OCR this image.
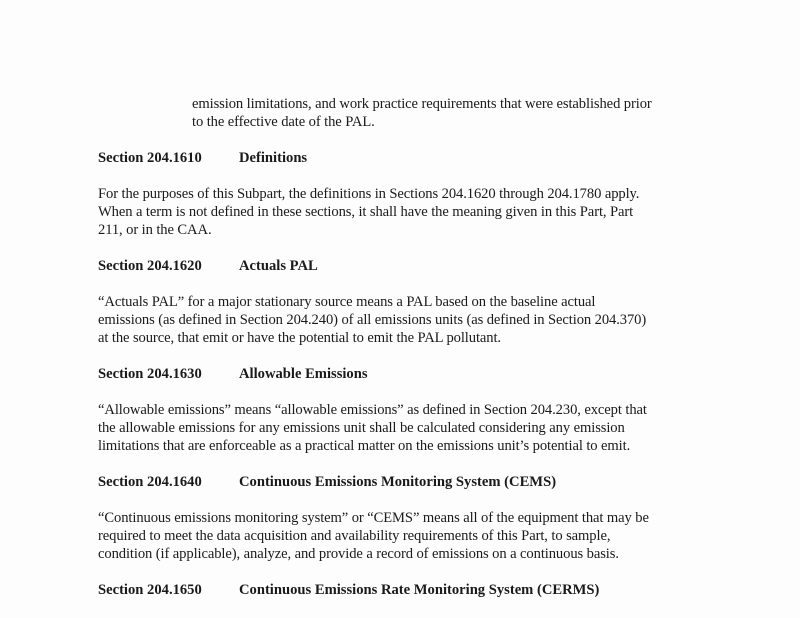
emission limitations, and work practice requirements that were established prior
to the effective date of the PAL.
Section 204.1610	Definitions
For the purposes of this Subpart, the definitions in Sections 204.1620 through 204.1780 apply.
When a term is not defined in these sections, it shall have the meaning given in this Part, Part
211, or in the CAA.
Section 204.1620	Actuals PAL
“Actuals PAL” for a major stationary source means a PAL based on the baseline actual
emissions (as defined in Section 204.240) of all emissions units (as defined in Section 204.370)
at the source, that emit or have the potential to emit the PAL pollutant.
Section 204.1630	Allowable Emissions
“Allowable emissions” means “allowable emissions” as defined in Section 204.230, except that
the allowable emissions for any emissions unit shall be calculated considering any emission
limitations that are enforceable as a practical matter on the emissions unit’s potential to emit.
Section 204.1640	Continuous Emissions Monitoring System (CEMS)
“Continuous emissions monitoring system” or “CEMS” means all of the equipment that may be
required to meet the data acquisition and availability requirements of this Part, to sample,
condition (if applicable), analyze, and provide a record of emissions on a continuous basis.
Section 204.1650	Continuous Emissions Rate Monitoring System (CERMS)
